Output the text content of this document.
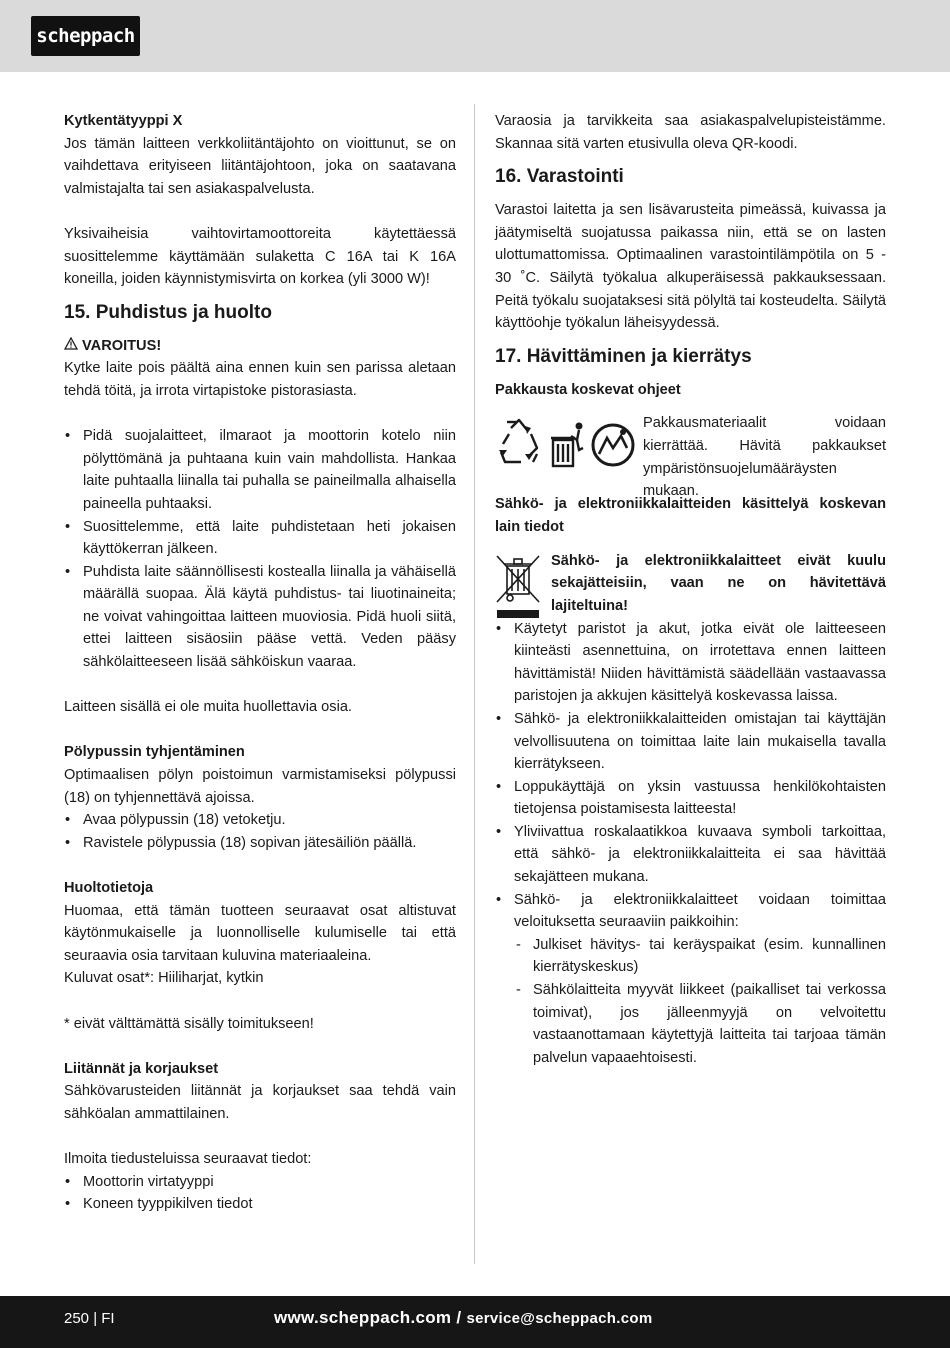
scheppach

Kytkentätyyppi X

Jos tämän laitteen verkkoliitäntäjohto on vioittunut, se on vaihdettava erityiseen liitäntäjohtoon, joka on saatavana valmistajalta tai sen asiakaspalvelusta.

Yksivaiheisia vaihtovirtamoottoreita käytettäessä suosittelemme käyttämään sulaketta C 16A tai K 16A koneilla, joiden käynnistymisvirta on korkea (yli 3000 W)!

15. Puhdistus ja huolto

VAROITUS!

Kytke laite pois päältä aina ennen kuin sen parissa aletaan tehdä töitä, ja irrota virtapistoke pistorasiasta.

• Pidä suojalaitteet, ilmaraot ja moottorin kotelo niin pölyttömänä ja puhtaana kuin vain mahdollista. Hankaa laite puhtaalla liinalla tai puhalla se paineilmalla alhaisella paineella puhtaaksi.
• Suosittelemme, että laite puhdistetaan heti jokaisen käyttökerran jälkeen.
• Puhdista laite säännöllisesti kostealla liinalla ja vähäisellä määrällä suopaa. Älä käytä puhdistus- tai liuotinaineita; ne voivat vahingoittaa laitteen muoviosia. Pidä huoli siitä, ettei laitteen sisäosiin pääse vettä. Veden pääsy sähkölaitteeseen lisää sähköiskun vaaraa.

Laitteen sisällä ei ole muita huollettavia osia.

Pölypussin tyhjentäminen

Optimaalisen pölyn poistoimun varmistamiseksi pölypussi (18) on tyhjennettävä ajoissa.

• Avaa pölypussin (18) vetoketju.
• Ravistele pölypussia (18) sopivan jätesäiliön päällä.

Huoltotietoja

Huomaa, että tämän tuotteen seuraavat osat altistuvat käytönmukaiselle ja luonnolliselle kulumiselle tai että seuraavia osia tarvitaan kuluvina materiaaleina.

Kuluvat osat*: Hiiliharjat, kytkin

* eivät välttämättä sisälly toimitukseen!

Liitännät ja korjaukset

Sähkövarusteiden liitännät ja korjaukset saa tehdä vain sähköalan ammattilainen.

Ilmoita tiedusteluissa seuraavat tiedot:

• Moottorin virtatyyppi
• Koneen tyyppikilven tiedot

Varaosia ja tarvikkeita saa asiakaspalvelupisteistämme. Skannaa sitä varten etusivulla oleva QR-koodi.

16. Varastointi

Varastoi laitetta ja sen lisävarusteita pimeässä, kuivassa ja jäätymiseltä suojatussa paikassa niin, että se on lasten ulottumattomissa. Optimaalinen varastointilämpötila on 5 - 30 ˚C. Säilytä työkalua alkuperäisessä pakkauksessaan. Peitä työkalu suojataksesi sitä pölyltä tai kosteudelta. Säilytä käyttöohje työkalun läheisyydessä.

17. Hävittäminen ja kierrätys

Pakkausta koskevat ohjeet

Pakkausmateriaalit voidaan kierrättää. Hävitä pakkaukset ympäristönsuojelumääräysten mukaan.

Sähkö- ja elektroniikkalaitteiden käsittelyä koskevan lain tiedot

Sähkö- ja elektroniikkalaitteet eivät kuulu sekajätteisiin, vaan ne on hävitettävä lajiteltuina!

• Käytetyt paristot ja akut, jotka eivät ole laitteeseen kiinteästi asennettuina, on irrotettava ennen laitteen hävittämistä! Niiden hävittämistä säädellään vastaavassa paristojen ja akkujen käsittelyä koskevassa laissa.
• Sähkö- ja elektroniikkalaitteiden omistajan tai käyttäjän velvollisuutena on toimittaa laite lain mukaisella tavalla kierrätykseen.
• Loppukäyttäjä on yksin vastuussa henkilökohtaisten tietojensa poistamisesta laitteesta!
• Yliviivattua roskalaatikkoa kuvaava symboli tarkoittaa, että sähkö- ja elektroniikkalaitteita ei saa hävittää sekajätteen mukana.
• Sähkö- ja elektroniikkalaitteet voidaan toimittaa veloituksetta seuraaviin paikkoihin:
- Julkiset hävitys- tai keräyspaikat (esim. kunnallinen kierrätyskeskus)
- Sähkölaitteita myyvät liikkeet (paikalliset tai verkossa toimivat), jos jälleenmyyjä on velvoitettu vastaanottamaan käytettyjä laitteita tai tarjoaa tämän palvelun vapaaehtoisesti.
250 | FI	www.scheppach.com / service@scheppach.com
